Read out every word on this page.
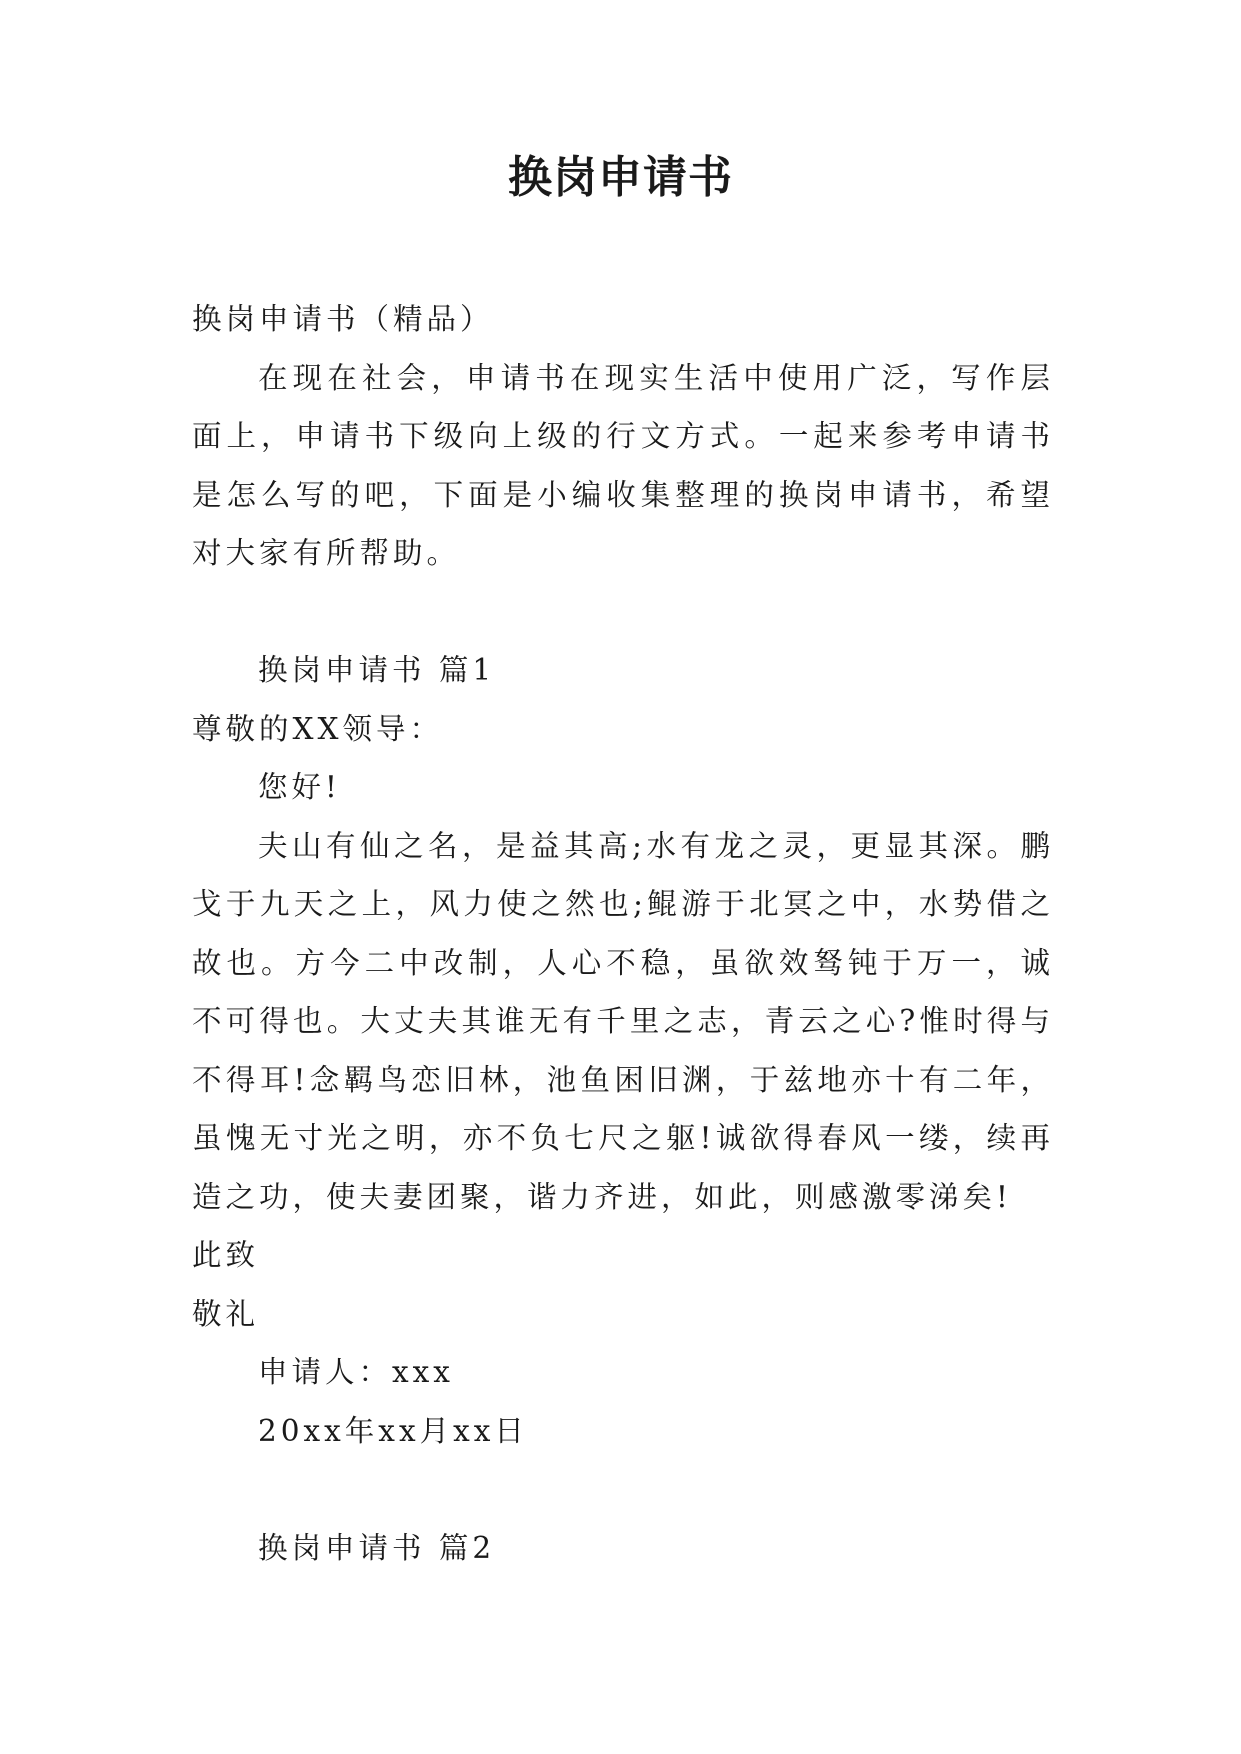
换岗申请书

换岗申请书（精品）

在现在社会，申请书在现实生活中使用广泛，写作层面上，申请书下级向上级的行文方式。一起来参考申请书是怎么写的吧，下面是小编收集整理的换岗申请书，希望对大家有所帮助。

换岗申请书 篇1

尊敬的XX领导：

您好!

夫山有仙之名，是益其高;水有龙之灵，更显其深。鹏戈于九天之上，风力使之然也;鲲游于北冥之中，水势借之故也。方今二中改制，人心不稳，虽欲效驽钝于万一，诚不可得也。大丈夫其谁无有千里之志，青云之心?惟时得与不得耳!念羁鸟恋旧林，池鱼困旧渊，于兹地亦十有二年，虽愧无寸光之明，亦不负七尺之躯!诚欲得春风一缕，续再造之功，使夫妻团聚，谐力齐进，如此，则感激零涕矣!

此致

敬礼

申请人：xxx

20xx年xx月xx日

换岗申请书 篇2
